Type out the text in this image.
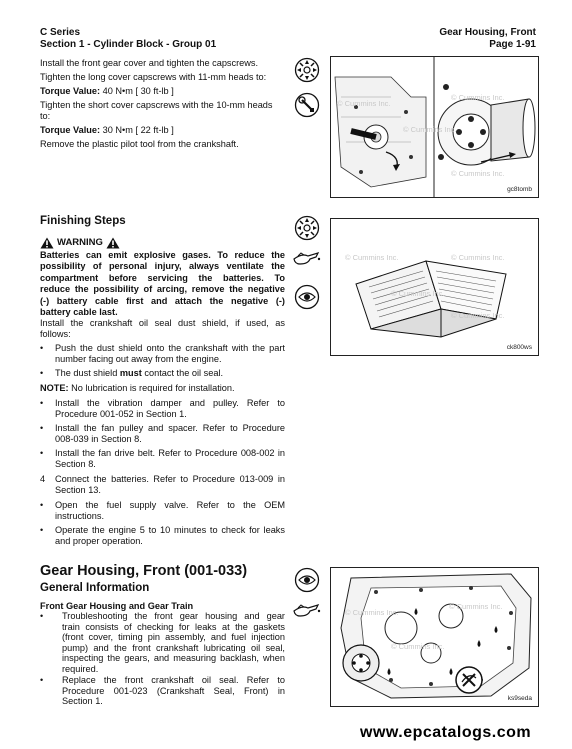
C Series
Section 1 - Cylinder Block - Group 01
Gear Housing, Front
Page 1-91
Install the front gear cover and tighten the capscrews.
Tighten the long cover capscrews with 11-mm heads to:
Torque Value: 40 N•m [ 30 ft-lb ]
Tighten the short cover capscrews with the 10-mm heads
to:
Torque Value: 30 N•m [ 22 ft-lb ]
Remove the plastic pilot tool from the crankshaft.
© Cummins Inc.
© Cummins Inc.
© Cummins Inc.
© Cummins Inc.
gc8tomb
Finishing Steps
WARNING
Batteries can emit explosive gases. To reduce the
possibility of personal injury, always ventilate the
compartment before servicing the batteries. To
reduce the possibility of arcing, remove the negative
(-) battery cable first and attach the negative (-)
battery cable last.
Install the crankshaft oil seal dust shield, if used, as
follows:
• Push the dust shield onto the crankshaft with the part
number facing out away from the engine.
• The dust shield must contact the oil seal.
NOTE: No lubrication is required for installation.
• Install the vibration damper and pulley. Refer to
Procedure 001-052 in Section 1.
• Install the fan pulley and spacer. Refer to Procedure
008-039 in Section 8.
• Install the fan drive belt. Refer to Procedure 008-002 in
Section 8.
4 Connect the batteries. Refer to Procedure 013-009 in
Section 13.
• Open the fuel supply valve. Refer to the OEM
instructions.
• Operate the engine 5 to 10 minutes to check for leaks
and proper operation.
© Cummins Inc.	© Cummins Inc.
© Cummins Inc.
© Cummins Inc.
ck800ws
Gear Housing, Front (001-033)
General Information
Front Gear Housing and Gear Train
• Troubleshooting the front gear housing and gear
train consists of checking for leaks at the gaskets
(front cover, timing pin assembly, and fuel injection
pump) and the front crankshaft lubricating oil seal,
inspecting the gears, and measuring backlash, when
required.
• Replace the front crankshaft oil seal. Refer to
Procedure 001-023 (Crankshaft Seal, Front) in
Section 1.
© Cummins Inc.
© Cummins Inc.
© Cummins Inc.
ks9seda
www.epcatalogs.com
